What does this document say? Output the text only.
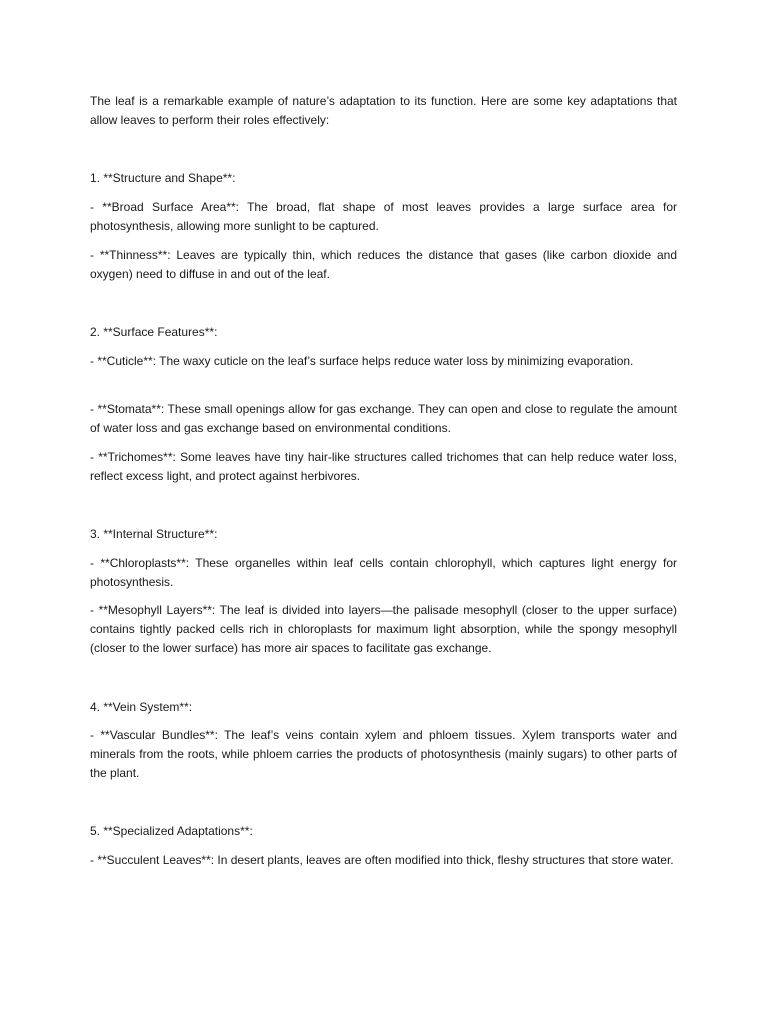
The leaf is a remarkable example of nature’s adaptation to its function. Here are some key adaptations that allow leaves to perform their roles effectively:

1. **Structure and Shape**:

- **Broad Surface Area**: The broad, flat shape of most leaves provides a large surface area for photosynthesis, allowing more sunlight to be captured.

- **Thinness**: Leaves are typically thin, which reduces the distance that gases (like carbon dioxide and oxygen) need to diffuse in and out of the leaf.

2. **Surface Features**:

- **Cuticle**: The waxy cuticle on the leaf’s surface helps reduce water loss by minimizing evaporation.

- **Stomata**: These small openings allow for gas exchange. They can open and close to regulate the amount of water loss and gas exchange based on environmental conditions.

- **Trichomes**: Some leaves have tiny hair-like structures called trichomes that can help reduce water loss, reflect excess light, and protect against herbivores.

3. **Internal Structure**:

- **Chloroplasts**: These organelles within leaf cells contain chlorophyll, which captures light energy for photosynthesis.

- **Mesophyll Layers**: The leaf is divided into layers—the palisade mesophyll (closer to the upper surface) contains tightly packed cells rich in chloroplasts for maximum light absorption, while the spongy mesophyll (closer to the lower surface) has more air spaces to facilitate gas exchange.

4. **Vein System**:

- **Vascular Bundles**: The leaf’s veins contain xylem and phloem tissues. Xylem transports water and minerals from the roots, while phloem carries the products of photosynthesis (mainly sugars) to other parts of the plant.

5. **Specialized Adaptations**:

- **Succulent Leaves**: In desert plants, leaves are often modified into thick, fleshy structures that store water.
